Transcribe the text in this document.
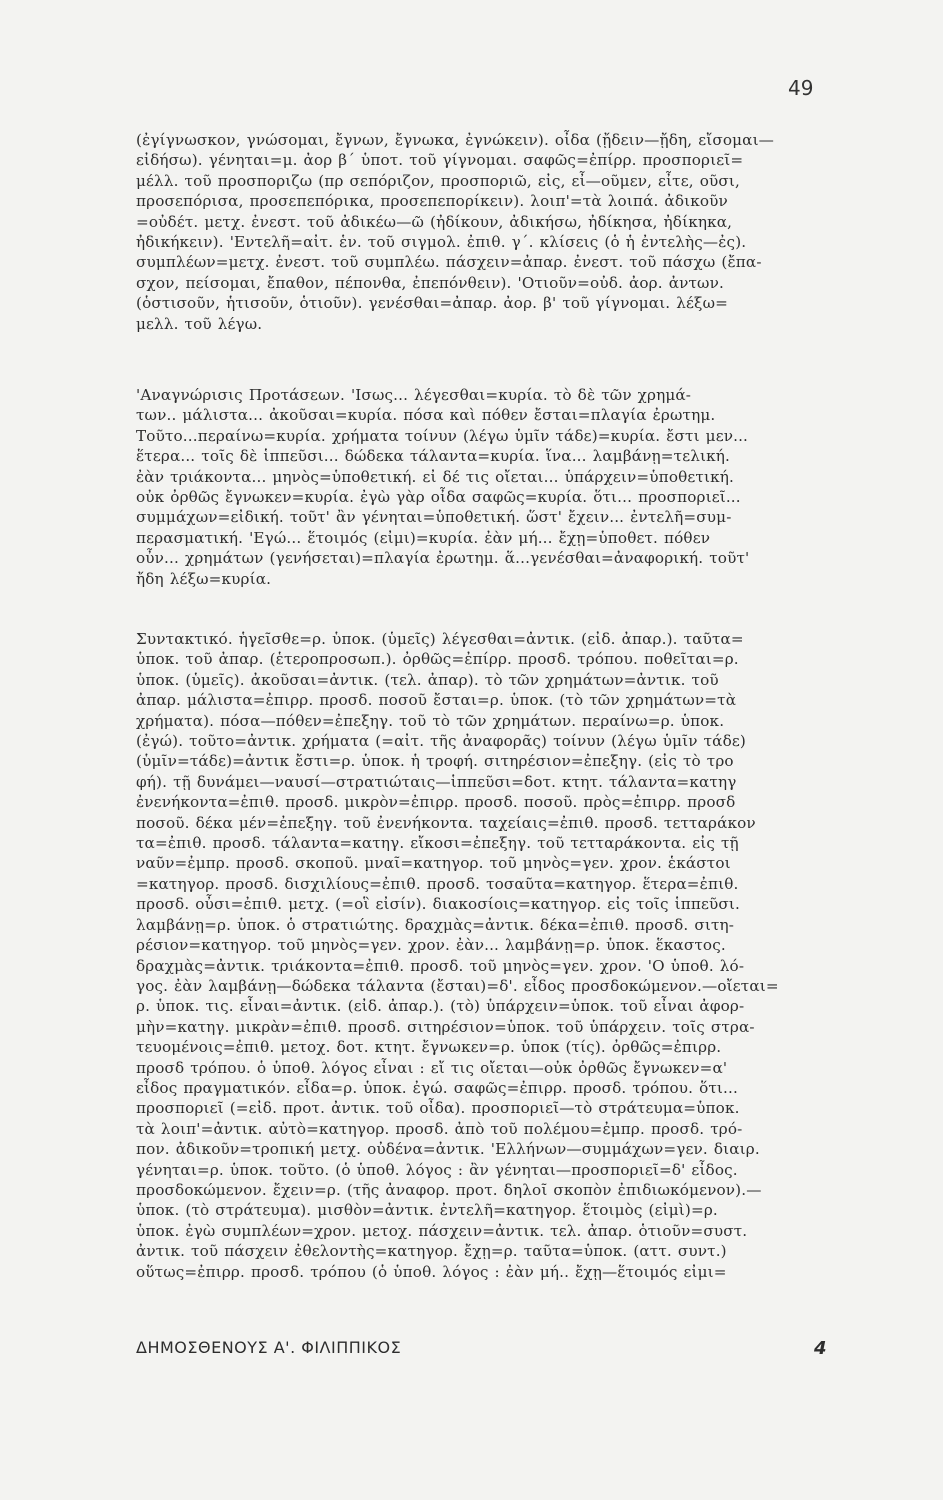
49
(ἐγίγνωσκον, γνώσομαι, ἔγνων, ἔγνωκα, ἐγνώκειν). οἶδα (ᾔδειν—ᾔδη, εἴσομαι—
εἰδήσω). γένηται=μ. ἀορ β΄ ὑποτ. τοῦ γίγνομαι. σαφῶς=ἐπίρρ. προσποριεῖ=
μέλλ. τοῦ προσποριζω (πρ σεπόριζον, προσποριῶ, εἰς, εἶ—οῦμεν, εἶτε, οῦσι,
προσεπόρισα, προσεπεπόρικα, προσεπεπορίκειν). λοιπ'=τὰ λοιπά. ἀδικοῦν
=οὐδέτ. μετχ. ἐνεστ. τοῦ ἀδικέω—ῶ (ἠδίκουν, ἀδικήσω, ἠδίκησα, ἠδίκηκα,
ἠδικήκειν). 'Εντελῆ=αἰτ. ἑν. τοῦ σιγμολ. ἐπιθ. γ΄. κλίσεις (ὁ ἡ ἐντελὴς—ἐς).
συμπλέων=μετχ. ἐνεστ. τοῦ συμπλέω. πάσχειν=ἀπαρ. ἐνεστ. τοῦ πάσχω (ἔπα-
σχον, πείσομαι, ἔπαθον, πέπονθα, ἐπεπόνθειν). 'Οτιοῦν=οὐδ. ἀορ. ἀντων.
(ὁστισοῦν, ἡτισοῦν, ὁτιοῦν). γενέσθαι=ἀπαρ. ἀορ. β' τοῦ γίγνομαι. λέξω=
μελλ. τοῦ λέγω.
'Αναγνώρισις Προτάσεων. 'Ισως... λέγεσθαι=κυρία. τὸ δὲ τῶν χρημά-
των.. μάλιστα... ἀκοῦσαι=κυρία. πόσα καὶ πόθεν ἔσται=πλαγία ἐρωτημ.
Τοῦτο...περαίνω=κυρία. χρήματα τοίνυν (λέγω ὑμῖν τάδε)=κυρία. ἔστι μεν...
ἕτερα... τοῖς δὲ ἱππεῦσι... δώδεκα τάλαντα=κυρία. ἵνα... λαμβάνῃ=τελική.
ἐὰν τριάκοντα... μηνὸς=ὑποθετική. εἰ δέ τις οἴεται... ὑπάρχειν=ὑποθετική.
οὐκ ὀρθῶς ἔγνωκεν=κυρία. ἐγὼ γὰρ οἶδα σαφῶς=κυρία. ὅτι... προσποριεῖ...
συμμάχων=εἰδική. τοῦτ' ἂν γένηται=ὑποθετική. ὥστ' ἔχειν... ἐντελῆ=συμ-
περασματική. 'Εγώ... ἕτοιμός (εἰμι)=κυρία. ἐὰν μή... ἔχῃ=ὑποθετ. πόθεν
οὖν... χρημάτων (γενήσεται)=πλαγία ἐρωτημ. ἅ...γενέσθαι=ἀναφορική. τοῦτ'
ἤδη λέξω=κυρία.
Συντακτικό. ἡγεῖσθε=ρ. ὑποκ. (ὑμεῖς) λέγεσθαι=ἀντικ. (εἰδ. ἀπαρ.). ταῦτα=
ὑποκ. τοῦ ἀπαρ. (ἑτεροπροσωπ.). ὀρθῶς=ἐπίρρ. προσδ. τρόπου. ποθεῖται=ρ.
ὑποκ. (ὑμεῖς). ἀκοῦσαι=ἀντικ. (τελ. ἀπαρ). τὸ τῶν χρημάτων=ἀντικ. τοῦ
ἀπαρ. μάλιστα=ἐπιρρ. προσδ. ποσοῦ ἔσται=ρ. ὑποκ. (τὸ τῶν χρημάτων=τὰ
χρήματα). πόσα—πόθεν=ἐπεξηγ. τοῦ τὸ τῶν χρημάτων. περαίνω=ρ. ὑποκ.
(ἐγώ). τοῦτο=ἀντικ. χρήματα (=αἰτ. τῆς ἀναφορᾶς) τοίνυν (λέγω ὑμῖν τάδε)
(ὑμῖν=τάδε)=ἀντικ ἔστι=ρ. ὑποκ. ἡ τροφή. σιτηρέσιον=ἐπεξηγ. (εἰς τὸ τρο
φή). τῇ δυνάμει—ναυσί—στρατιώταις—ἱππεῦσι=δοτ. κτητ. τάλαντα=κατηγ
ἐνενήκοντα=ἐπιθ. προσδ. μικρὸν=ἐπιρρ. προσδ. ποσοῦ. πρὸς=ἐπιρρ. προσδ
ποσοῦ. δέκα μέν=ἐπεξηγ. τοῦ ἐνενήκοντα. ταχείαις=ἐπιθ. προσδ. τετταράκον
τα=ἐπιθ. προσδ. τάλαντα=κατηγ. εἴκοσι=ἐπεξηγ. τοῦ τετταράκοντα. εἰς τῇ
ναῦν=ἐμπρ. προσδ. σκοποῦ. μναῖ=κατηγορ. τοῦ μηνὸς=γεν. χρον. ἑκάστοι
=κατηγορ. προσδ. δισχιλίους=ἐπιθ. προσδ. τοσαῦτα=κατηγορ. ἕτερα=ἐπιθ.
προσδ. οὖσι=ἐπιθ. μετχ. (=οἳ εἰσίν). διακοσίοις=κατηγορ. εἰς τοῖς ἱππεῦσι.
λαμβάνῃ=ρ. ὑποκ. ὁ στρατιώτης. δραχμὰς=ἀντικ. δέκα=ἐπιθ. προσδ. σιτη-
ρέσιον=κατηγορ. τοῦ μηνὸς=γεν. χρον. ἐὰν... λαμβάνῃ=ρ. ὑποκ. ἕκαστος.
δραχμὰς=ἀντικ. τριάκοντα=ἐπιθ. προσδ. τοῦ μηνὸς=γεν. χρον. 'Ο ὑποθ. λό-
γος. ἐὰν λαμβάνῃ—δώδεκα τάλαντα (ἔσται)=δ'. εἶδος προσδοκώμενον.—οἴεται=
ρ. ὑποκ. τις. εἶναι=ἀντικ. (εἰδ. ἀπαρ.). (τὸ) ὑπάρχειν=ὑποκ. τοῦ εἶναι ἀφορ-
μὴν=κατηγ. μικρὰν=ἐπιθ. προσδ. σιτηρέσιον=ὑποκ. τοῦ ὑπάρχειν. τοῖς στρα-
τευομένοις=ἐπιθ. μετοχ. δοτ. κτητ. ἔγνωκεν=ρ. ὑποκ (τίς). ὀρθῶς=ἐπιρρ.
προσδ τρόπου. ὁ ὑποθ. λόγος εἶναι : εἴ τις οἴεται—οὐκ ὀρθῶς ἔγνωκεν=α'
εἶδος πραγματικόν. εἶδα=ρ. ὑποκ. ἐγώ. σαφῶς=ἐπιρρ. προσδ. τρόπου. ὅτι...
προσποριεῖ (=εἰδ. προτ. ἀντικ. τοῦ οἶδα). προσποριεῖ—τὸ στράτευμα=ὑποκ.
τὰ λοιπ'=ἀντικ. αὐτὸ=κατηγορ. προσδ. ἀπὸ τοῦ πολέμου=ἐμπρ. προσδ. τρό-
πον. ἀδικοῦν=τροπική μετχ. οὐδένα=ἀντικ. 'Ελλήνων—συμμάχων=γεν. διαιρ.
γένηται=ρ. ὑποκ. τοῦτο. (ὁ ὑποθ. λόγος : ἂν γένηται—προσποριεῖ=δ' εἶδος.
προσδοκώμενον. ἔχειν=ρ. (τῆς ἀναφορ. προτ. δηλοῖ σκοπὸν ἐπιδιωκόμενον).—
ὑποκ. (τὸ στράτευμα). μισθὸν=ἀντικ. ἐντελῆ=κατηγορ. ἕτοιμὸς (εἰμὶ)=ρ.
ὑποκ. ἐγὼ συμπλέων=χρον. μετοχ. πάσχειν=ἀντικ. τελ. ἀπαρ. ὁτιοῦν=συστ.
ἀντικ. τοῦ πάσχειν ἐθελοντὴς=κατηγορ. ἔχῃ=ρ. ταῦτα=ὑποκ. (αττ. συντ.)
οὕτως=ἐπιρρ. προσδ. τρόπου (ὁ ὑποθ. λόγος : ἐὰν μή.. ἔχῃ—ἕτοιμός εἰμι=
ΔΗΜΟΣΘΕΝΟΥΣ Α'. ΦΙΛΙΠΠΙΚΟΣ	4
